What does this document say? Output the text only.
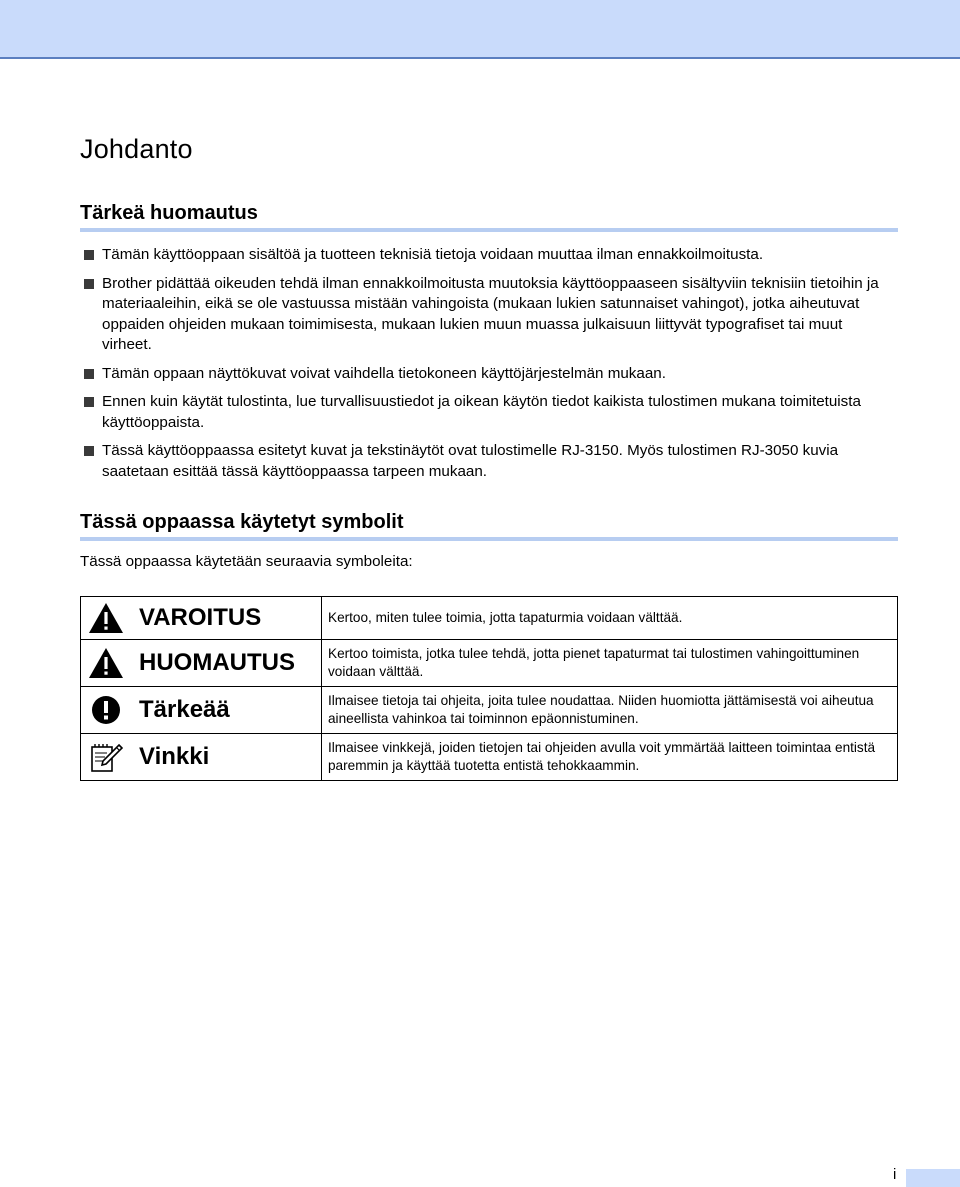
Johdanto
Tärkeä huomautus
Tämän käyttöoppaan sisältöä ja tuotteen teknisiä tietoja voidaan muuttaa ilman ennakkoilmoitusta.
Brother pidättää oikeuden tehdä ilman ennakkoilmoitusta muutoksia käyttöoppaaseen sisältyviin teknisiin tietoihin ja materiaaleihin, eikä se ole vastuussa mistään vahingoista (mukaan lukien satunnaiset vahingot), jotka aiheutuvat oppaiden ohjeiden mukaan toimimisesta, mukaan lukien muun muassa julkaisuun liittyvät typografiset tai muut virheet.
Tämän oppaan näyttökuvat voivat vaihdella tietokoneen käyttöjärjestelmän mukaan.
Ennen kuin käytät tulostinta, lue turvallisuustiedot ja oikean käytön tiedot kaikista tulostimen mukana toimitetuista käyttöoppaista.
Tässä käyttöoppaassa esitetyt kuvat ja tekstinäytöt ovat tulostimelle RJ-3150. Myös tulostimen RJ-3050 kuvia saatetaan esittää tässä käyttöoppaassa tarpeen mukaan.
Tässä oppaassa käytetyt symbolit

Tässä oppaassa käytetään seuraavia symboleita:

VAROITUS	Kertoo, miten tulee toimia, jotta tapaturmia voidaan välttää.

HUOMAUTUS	Kertoo toimista, jotka tulee tehdä, jotta pienet tapaturmat tai tulostimen vahingoittuminen voidaan välttää.

Tärkeää	Ilmaisee tietoja tai ohjeita, joita tulee noudattaa. Niiden huomiotta jättämisestä voi aiheutua aineellista vahinkoa tai toiminnon epäonnistuminen.

Vinkki	Ilmaisee vinkkejä, joiden tietojen tai ohjeiden avulla voit ymmärtää laitteen toimintaa entistä paremmin ja käyttää tuotetta entistä tehokkaammin.
i
